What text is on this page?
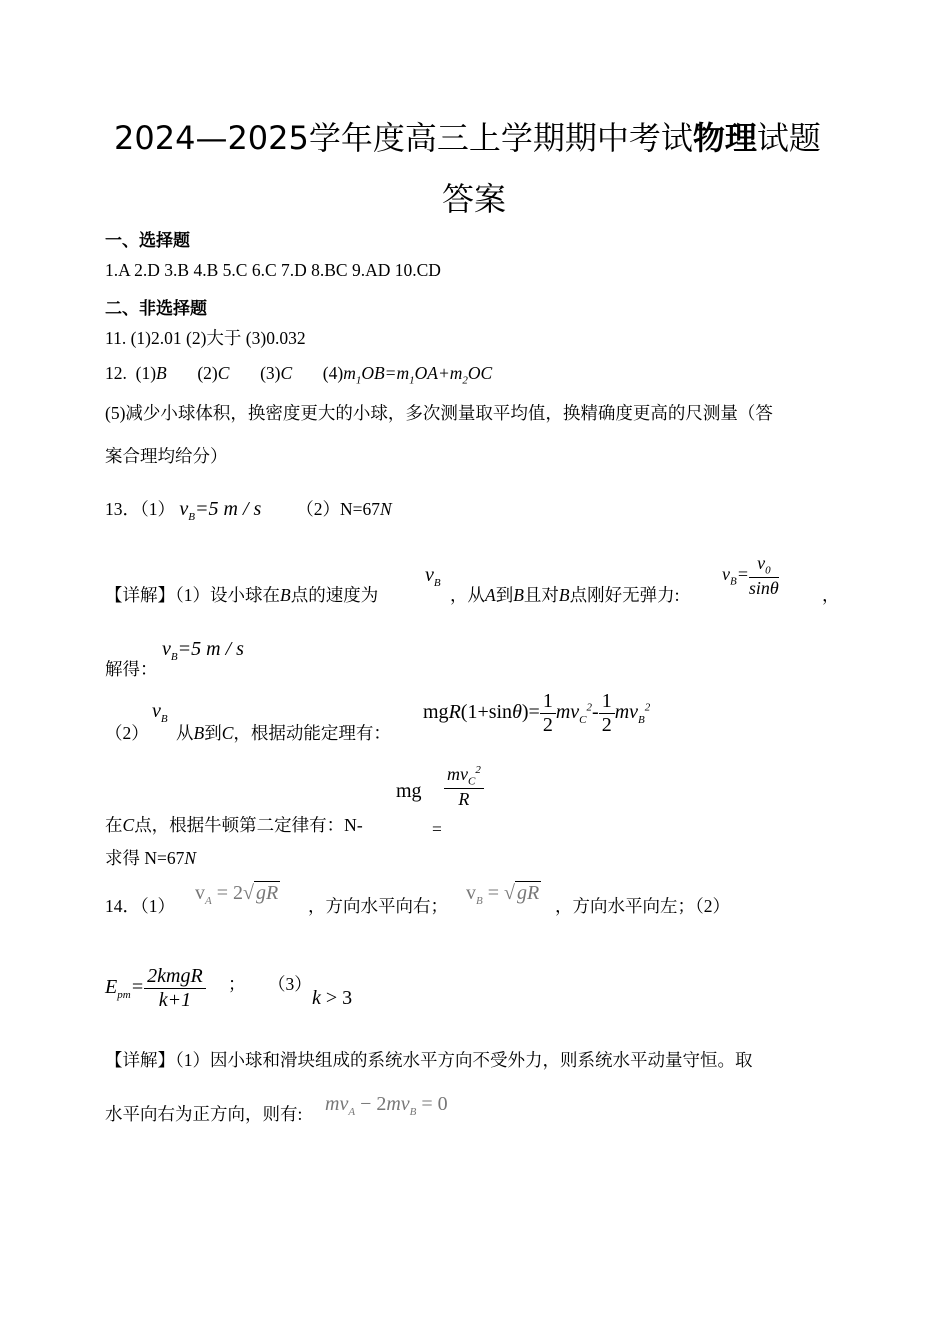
2024—2025学年度高三上学期期中考试物理试题
答案
一、选择题
1.A 2.D 3.B 4.B 5.C 6.C 7.D 8.BC 9.AD 10.CD
二、非选择题
11. (1)2.01 (2)大于 (3)0.032
12. (1)B (2)C (3)C $(4)m_1OB=m_1OA+m_2OC$
(5)减少小球体积，换密度更大的小球，多次测量取平均值，换精确度更高的尺测量（答
案合理均给分）
13．（1） $v_B=5$ m / s （2）N=67N
【详解】（1）设小球在B点的速度为
$v_B$
，从A到B且对B点刚好无弹力:
$v_B= \frac{v_0}{\sin\theta}$ ，
解得：
$v_B=5$ m / s
（2）
$v_B$
从B到C，根据动能定理有：
$mgR(1+\sin\theta)= \frac{1}{2} mv_C^2- \frac{1}{2} mv_B^2$
mg $\frac{mv_C^2}{R}$
在C点，根据牛顿第二定律有：N-	=
求得 N=67N
14．（1）
$v_A = 2√$ gR
，方向水平向右；
$v_B$ = √ gR
，方向水平向左；（2）
$E_{pm}= \frac{\text{2kmgR}}{k+1}$ ； （3）
k > 3
【详解】（1）因小球和滑块组成的系统水平方向不受外力，则系统水平动量守恒。取
水平向右为正方向，则有: $mv_A - 2mv_B = 0$
